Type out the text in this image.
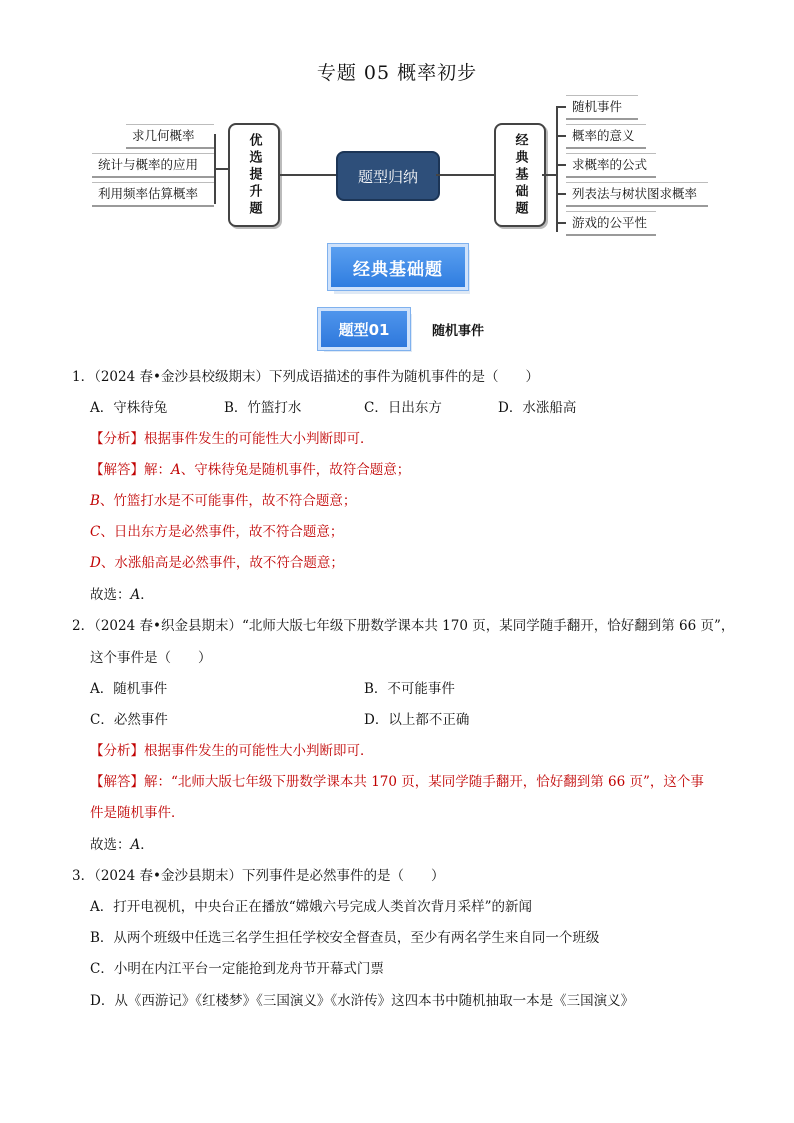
专题 05 概率初步
求几何概率
统计与概率的应用
利用频率估算概率	优选提升题	题型归纳	经典基础题
随机事件
概率的意义
求概率的公式
列表法与树状图求概率
游戏的公平性
经典基础题
题型01	随机事件
1．（2024 春•金沙县校级期末）下列成语描述的事件为随机事件的是（　　）
A．守株待兔	B．竹篮打水	C．日出东方	D．水涨船高
【分析】根据事件发生的可能性大小判断即可．
【解答】解：A、守株待兔是随机事件，故符合题意；
B、竹篮打水是不可能事件，故不符合题意；
C、日出东方是必然事件，故不符合题意；
D、水涨船高是必然事件，故不符合题意；
故选：A．
2．（2024 春•织金县期末）“北师大版七年级下册数学课本共 170 页，某同学随手翻开，恰好翻到第 66 页”，
这个事件是（　　）
A．随机事件	B．不可能事件
C．必然事件	D．以上都不正确
【分析】根据事件发生的可能性大小判断即可．
【解答】解：“北师大版七年级下册数学课本共 170 页，某同学随手翻开，恰好翻到第 66 页”，这个事
件是随机事件．
故选：A．
3．（2024 春•金沙县期末）下列事件是必然事件的是（　　）
A．打开电视机，中央台正在播放“嫦娥六号完成人类首次背月采样”的新闻
B．从两个班级中任选三名学生担任学校安全督查员，至少有两名学生来自同一个班级
C．小明在内江平台一定能抢到龙舟节开幕式门票
D．从《西游记》《红楼梦》《三国演义》《水浒传》这四本书中随机抽取一本是《三国演义》
